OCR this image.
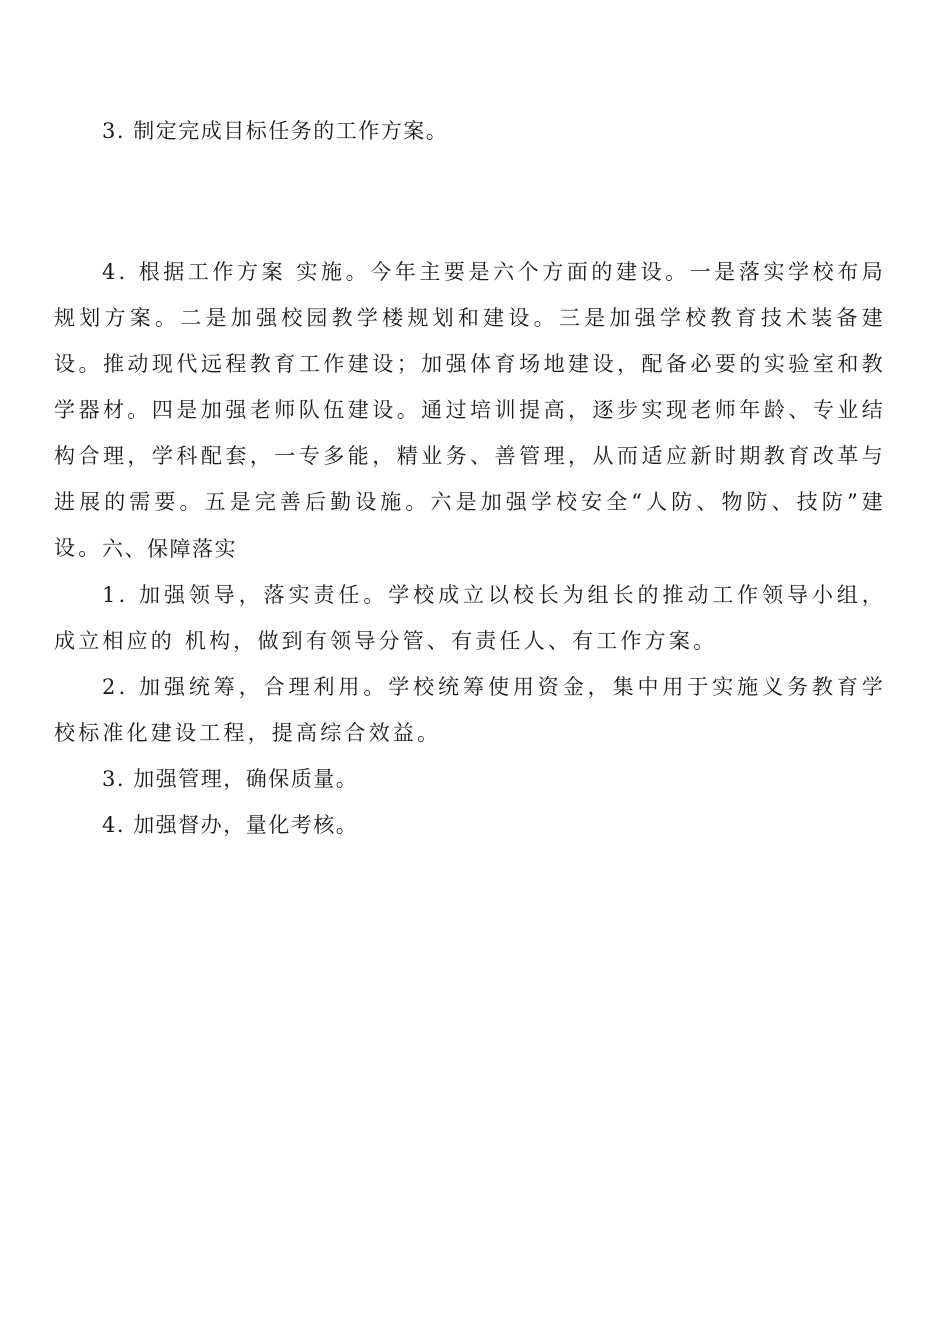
3. 制定完成目标任务的工作方案。

4. 根据工作方案 实施。今年主要是六个方面的建设。一是落实学校布局规划方案。二是加强校园教学楼规划和建设。三是加强学校教育技术装备建设。推动现代远程教育工作建设；加强体育场地建设，配备必要的实验室和教学器材。四是加强老师队伍建设。通过培训提高，逐步实现老师年龄、专业结构合理，学科配套，一专多能，精业务、善管理，从而适应新时期教育改革与进展的需要。五是完善后勤设施。六是加强学校安全“人防、物防、技防”建设。 六、保障落实

1. 加强领导，落实责任。学校成立以校长为组长的推动工作领导小组，成立相应的 机构，做到有领导分管、有责任人、有工作方案。

2. 加强统筹，合理利用。学校统筹使用资金，集中用于实施义务教育学校标准化建设工程，提高综合效益。

3. 加强管理，确保质量。

4. 加强督办，量化考核。
